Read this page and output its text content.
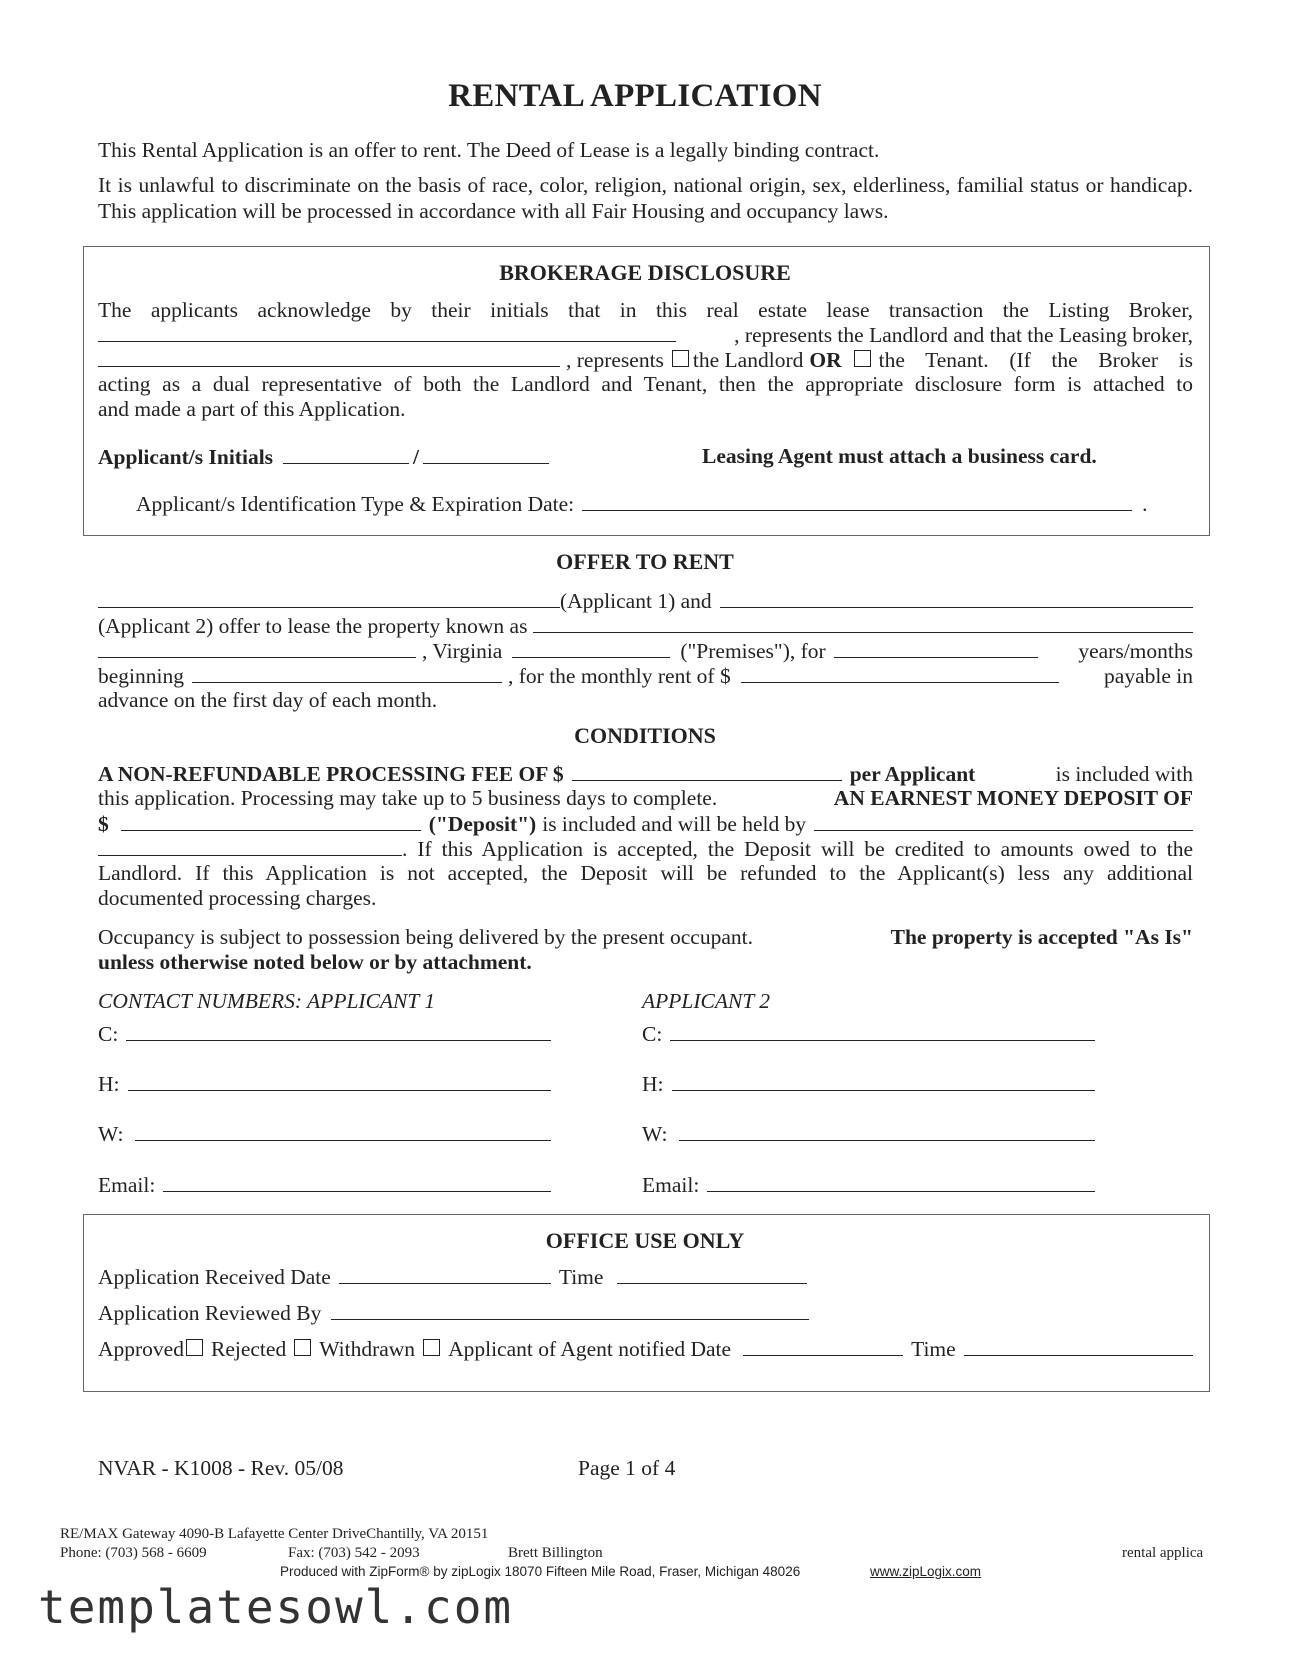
RENTAL APPLICATION
This Rental Application is an offer to rent. The Deed of Lease is a legally binding contract.
It is unlawful to discriminate on the basis of race, color, religion, national origin, sex, elderliness, familial status or handicap. This application will be processed in accordance with all Fair Housing and occupancy laws.
BROKERAGE DISCLOSURE
The applicants acknowledge by their initials that in this real estate lease transaction the Listing Broker,
, represents the Landlord and that the Leasing broker,
, represents the Landlord OR the Tenant. (If the Broker is
acting as a dual representative of both the Landlord and Tenant, then the appropriate disclosure form is attached to
and made a part of this Application.
Applicant/s Initials	/	Leasing Agent must attach a business card.
Applicant/s Identification Type & Expiration Date:	.
OFFER TO RENT
(Applicant 1) and
(Applicant 2) offer to lease the property known as
, Virginia	("Premises"), for	years/months
beginning	, for the monthly rent of $	payable in
advance on the first day of each month.
CONDITIONS
A NON-REFUNDABLE PROCESSING FEE OF $	per Applicant	is included with
this application. Processing may take up to 5 business days to complete.	AN EARNEST MONEY DEPOSIT OF
$	("Deposit") is included and will be held by
. If this Application is accepted, the Deposit will be credited to amounts owed to the
Landlord. If this Application is not accepted, the Deposit will be refunded to the Applicant(s) less any additional
documented processing charges.
Occupancy is subject to possession being delivered by the present occupant.	The property is accepted "As Is"
unless otherwise noted below or by attachment.
CONTACT NUMBERS: APPLICANT 1	APPLICANT 2
C:	C:
H:	H:
W:	W:
Email:	Email:
OFFICE USE ONLY
Application Received Date	Time
Application Reviewed By
Approved Rejected Withdrawn Applicant of Agent notified Date	Time
NVAR - K1008 - Rev. 05/08	Page 1 of 4
RE/MAX Gateway 4090-B Lafayette Center DriveChantilly, VA 20151
Phone: (703) 568 - 6609	Fax: (703) 542 - 2093	Brett Billington	rental applica
Produced with ZipForm® by zipLogix 18070 Fifteen Mile Road, Fraser, Michigan 48026	www.zipLogix.com
templatesowl.com
